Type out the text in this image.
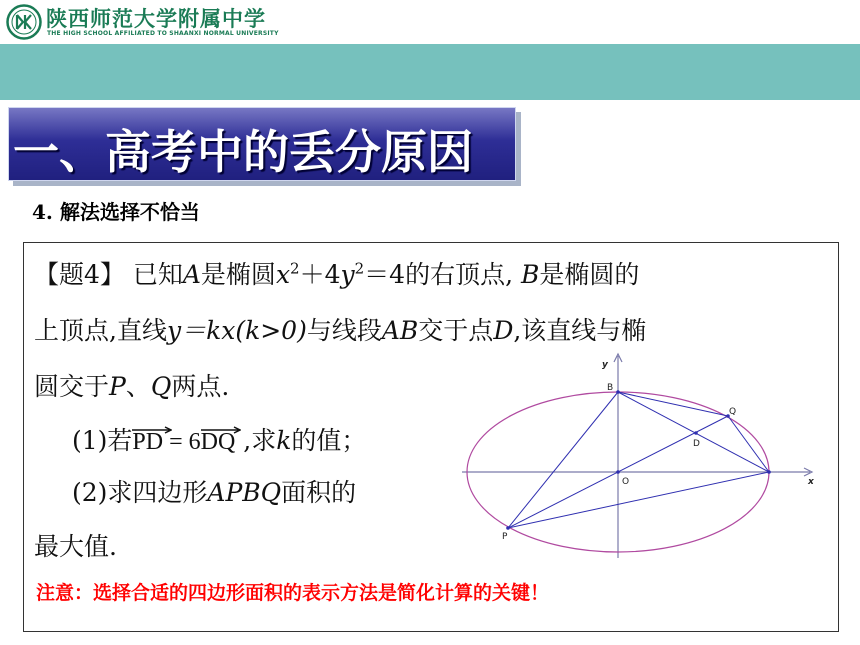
陕西师范大学附属中学
THE HIGH SCHOOL AFFILIATED TO SHAANXI NORMAL UNIVERSITY
一、高考中的丢分原因
4. 解法选择不恰当
【题4】 已知A是椭圆$x^2+4y^2=4$的右顶点, B是椭圆的
上顶点,直线y＝kx(k>0)与线段AB交于点D,该直线与椭
圆交于P、Q两点.
(1)若
PD = 6
DQ ,求k的值；
(2)求四边形APBQ面积的
最大值.
注意：选择合适的四边形面积的表示方法是简化计算的关键！
y
x
B
Q
D
O
P
